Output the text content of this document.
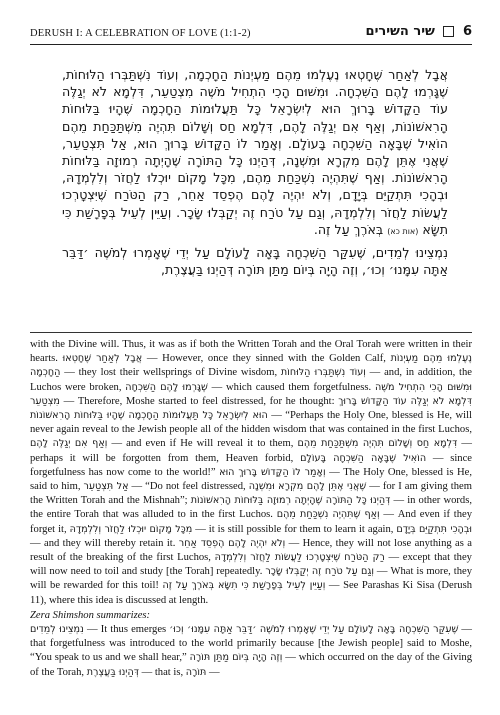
DERUSH I: A CELEBRATION OF LOVE (1:1-2)	6  שיר השירים

אֲבָל לְאַחַר שֶׁחָטְאוּ נֶעֶלְמוּ מֵהֶם מַעְיְנוֹת הַחָכְמָה, וְעוֹד נִשְׁתַּבְּרוּ הַלּוּחוֹת, שֶׁגָּרְמוּ לָהֶם הַשִּׁכְחָה. וּמִשּׁוּם הָכִי הִתְחִיל מֹשֶׁה מִצְטַעֵר, דִּלְמָא לֹא יְגַלֶּה עוֹד הַקָּדוֹשׁ בָּרוּךְ הוּא לְיִשְׂרָאֵל כָּל תַּעֲלוּמוֹת הַחָכְמָה שֶׁהָיוּ בַּלּוּחוֹת הָרִאשׁוֹנוֹת, וְאַף אִם יְגַלֶּה לָהֶם, דִּלְמָא חַס וְשָׁלוֹם תִּהְיֶה מִשְׁתַּכַּחַת מֵהֶם הוֹאִיל שֶׁבָּאָה הַשִּׁכְחָה בָּעוֹלָם. וְאָמַר לוֹ הַקָּדוֹשׁ בָּרוּךְ הוּא, אַל תִּצְטַעֵר, שֶׁאֲנִי אֶתֵּן לָהֶם מִקְרָא וּמִשְׁנָה, דְּהַיְנוּ כָּל הַתּוֹרָה שֶׁהָיְתָה רְמוּזָה בַּלּוּחוֹת הָרִאשׁוֹנוֹת. וְאַף שֶׁתִּהְיֶה נִשְׁכַּחַת מֵהֶם, מִכָּל מָקוֹם יוּכְלוּ לַחֲזֹר וְלִלְמְדָהּ, וּבְהָכִי תִּתְקַיֵּם בְּיָדָם, וְלֹא יִהְיֶה לָהֶם הֶפְסֵד אַחֵר, רַק הַטֹּרַח שֶׁיִּצְטָרְכוּ לַעֲשׂוֹת לַחֲזֹר וְלִלְמְדָהּ, וְגַם עַל טֹרַח זֶה יְקַבְּלוּ שָׂכָר. וְעַיֵּין לְעֵיל בְּפָרָשַׁת כִּי תִשָּׂא (אות כא) בְּאֹרֶךְ עַל זֶה.

נִמְצֵינוּ לְמֵדִים, שֶׁעִקַּר הַשִּׁכְחָה בָּאָה לָעוֹלָם עַל יְדֵי שֶׁאָמְרוּ לְמֹשֶׁה ׳דַּבֵּר אַתָּה עִמָּנוּ׳ וְכוּ׳, וְזֶה הָיָה בְּיוֹם מַתַּן תּוֹרָה דְּהַיְנוּ בַּעֲצֶרֶת,

with the Divine will. Thus, it was as if both the Written Torah and the Oral Torah were written in their hearts. אֲבָל לְאַחַר שֶׁחָטְאוּ — However, once they sinned with the Golden Calf, נֶעֶלְמוּ מֵהֶם מַעְיְנוֹת הַחָכְמָה — they lost their wellsprings of Divine wisdom, וְעוֹד נִשְׁתַּבְּרוּ הַלּוּחוֹת — and, in addition, the Luchos were broken, שֶׁגָּרְמוּ לָהֶם הַשִּׁכְחָה — which caused them forgetfulness. וּמִשּׁוּם הָכִי הִתְחִיל מֹשֶׁה מִצְטַעֵר — Therefore, Moshe started to feel distressed, for he thought: דִּלְמָא לֹא יְגַלֶּה עוֹד הַקָּדוֹשׁ בָּרוּךְ הוּא לְיִשְׂרָאֵל כָּל תַּעֲלוּמוֹת הַחָכְמָה שֶׁהָיוּ בַּלּוּחוֹת הָרִאשׁוֹנוֹת — “Perhaps the Holy One, blessed is He, will never again reveal to the Jewish people all of the hidden wisdom that was contained in the first Luchos, וְאַף אִם יְגַלֶּה לָהֶם — and even if He will reveal it to them, דִּלְמָא חַס וְשָׁלוֹם תִּהְיֶה מִשְׁתַּכַּחַת מֵהֶם — perhaps it will be forgotten from them, Heaven forbid, הוֹאִיל שֶׁבָּאָה הַשִּׁכְחָה בָּעוֹלָם — since forgetfulness has now come to the world!” וְאָמַר לוֹ הַקָּדוֹשׁ בָּרוּךְ הוּא — The Holy One, blessed is He, said to him, אַל תִּצְטַעֵר — “Do not feel distressed, שֶׁאֲנִי אֶתֵּן לָהֶם מִקְרָא וּמִשְׁנָה — for I am giving them the Written Torah and the Mishnah”; דְּהַיְנוּ כָּל הַתּוֹרָה שֶׁהָיְתָה רְמוּזָה בַּלּוּחוֹת הָרִאשׁוֹנוֹת — in other words, the entire Torah that was alluded to in the first Luchos. וְאַף שֶׁתִּהְיֶה נִשְׁכַּחַת מֵהֶם — And even if they forget it, מִכָּל מָקוֹם יוּכְלוּ לַחֲזֹר וְלִלְמְדָהּ — it is still possible for them to learn it again, וּבְהָכִי תִּתְקַיֵּם בְּיָדָם — and they will thereby retain it. וְלֹא יִהְיֶה לָהֶם הֶפְסֵד אַחֵר — Hence, they will not lose anything as a result of the breaking of the first Luchos, רַק הַטֹּרַח שֶׁיִּצְטָרְכוּ לַעֲשׂוֹת לַחֲזֹר וְלִלְמְדָהּ — except that they will now need to toil and study [the Torah] repeatedly. וְגַם עַל טֹרַח זֶה יְקַבְּלוּ שָׂכָר — What is more, they will be rewarded for this toil! וְעַיֵּין לְעֵיל בְּפָרָשַׁת כִּי תִשָּׂא בְּאֹרֶךְ עַל זֶה — See Parashas Ki Sisa (Derush 11), where this idea is discussed at length.

Zera Shimshon summarizes:

נִמְצֵינוּ לְמֵדִים — It thus emerges שֶׁעִקַּר הַשִּׁכְחָה בָּאָה לָעוֹלָם עַל יְדֵי שֶׁאָמְרוּ לְמֹשֶׁה ׳דַּבֵּר אַתָּה עִמָּנוּ׳ וְכוּ׳ — that forgetfulness was introduced to the world primarily because [the Jewish people] said to Moshe, “You speak to us and we shall hear,” וְזֶה הָיָה בְּיוֹם מַתַּן תּוֹרָה — which occurred on the day of the Giving of the Torah, דְּהַיְנוּ בַּעֲצֶרֶת — that is, תּוֹרָה —
